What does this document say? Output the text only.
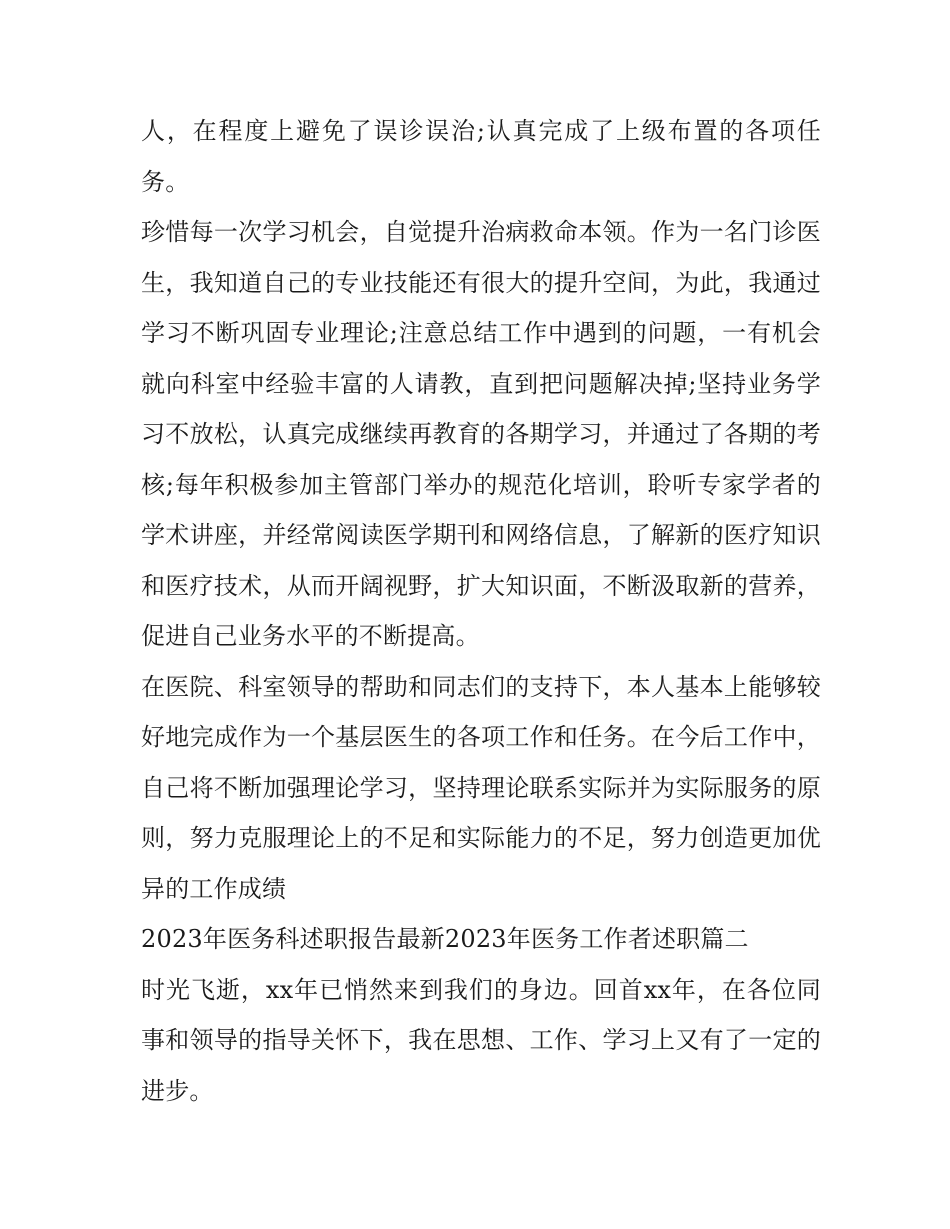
人，在程度上避免了误诊误治;认真完成了上级布置的各项任务。

珍惜每一次学习机会，自觉提升治病救命本领。作为一名门诊医生，我知道自己的专业技能还有很大的提升空间，为此，我通过学习不断巩固专业理论;注意总结工作中遇到的问题，一有机会就向科室中经验丰富的人请教，直到把问题解决掉;坚持业务学习不放松，认真完成继续再教育的各期学习，并通过了各期的考核;每年积极参加主管部门举办的规范化培训，聆听专家学者的学术讲座，并经常阅读医学期刊和网络信息，了解新的医疗知识和医疗技术，从而开阔视野，扩大知识面，不断汲取新的营养，促进自己业务水平的不断提高。

在医院、科室领导的帮助和同志们的支持下，本人基本上能够较好地完成作为一个基层医生的各项工作和任务。在今后工作中，自己将不断加强理论学习，坚持理论联系实际并为实际服务的原则，努力克服理论上的不足和实际能力的不足，努力创造更加优异的工作成绩

2023年医务科述职报告最新2023年医务工作者述职篇二

时光飞逝，xx年已悄然来到我们的身边。回首xx年，在各位同事和领导的指导关怀下，我在思想、工作、学习上又有了一定的进步。
